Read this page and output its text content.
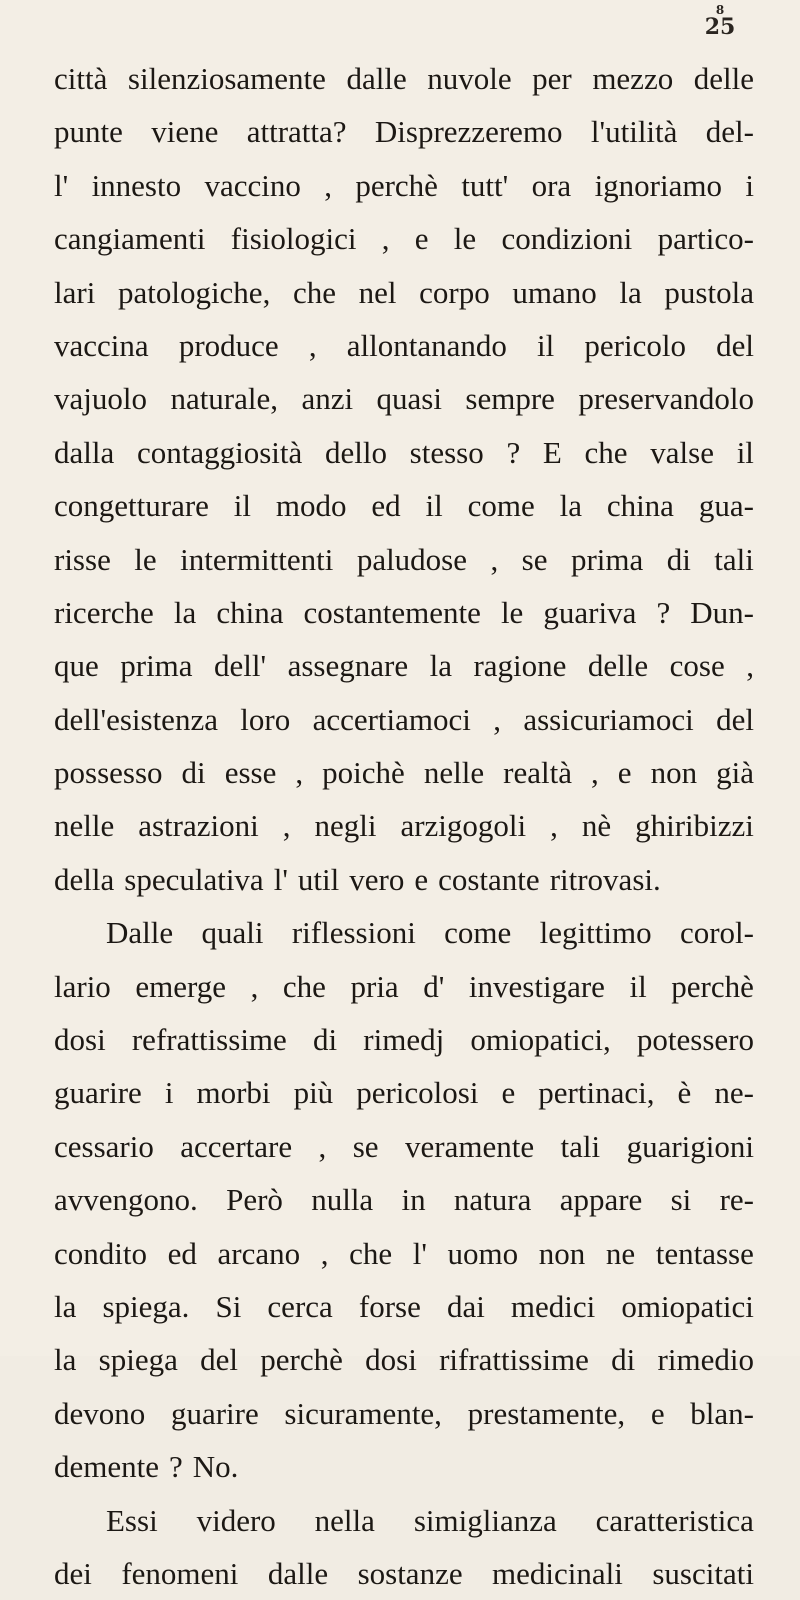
8
25
città silenziosamente dalle nuvole per mezzo delle
punte viene attratta? Disprezzeremo l'utilità del-
l' innesto vaccino , perchè tutt' ora ignoriamo i
cangiamenti fisiologici , e le condizioni partico-
lari patologiche, che nel corpo umano la pustola
vaccina produce , allontanando il pericolo del
vajuolo naturale, anzi quasi sempre preservandolo
dalla contaggiosità dello stesso ? E che valse il
congetturare il modo ed il come la china gua-
risse le intermittenti paludose , se prima di tali
ricerche la china costantemente le guariva ? Dun-
que prima dell' assegnare la ragione delle cose ,
dell'esistenza loro accertiamoci , assicuriamoci del
possesso di esse , poichè nelle realtà , e non già
nelle astrazioni , negli arzigogoli , nè ghiribizzi
della speculativa l' util vero e costante ritrovasi.
Dalle quali riflessioni come legittimo corol-
lario emerge , che pria d' investigare il perchè
dosi refrattissime di rimedj omiopatici, potessero
guarire i morbi più pericolosi e pertinaci, è ne-
cessario accertare , se veramente tali guarigioni
avvengono. Però nulla in natura appare si re-
condito ed arcano , che l' uomo non ne tentasse
la spiega. Si cerca forse dai medici omiopatici
la spiega del perchè dosi rifrattissime di rimedio
devono guarire sicuramente, prestamente, e blan-
demente ? No.
Essi videro nella simiglianza caratteristica
dei fenomeni dalle sostanze medicinali suscitati
